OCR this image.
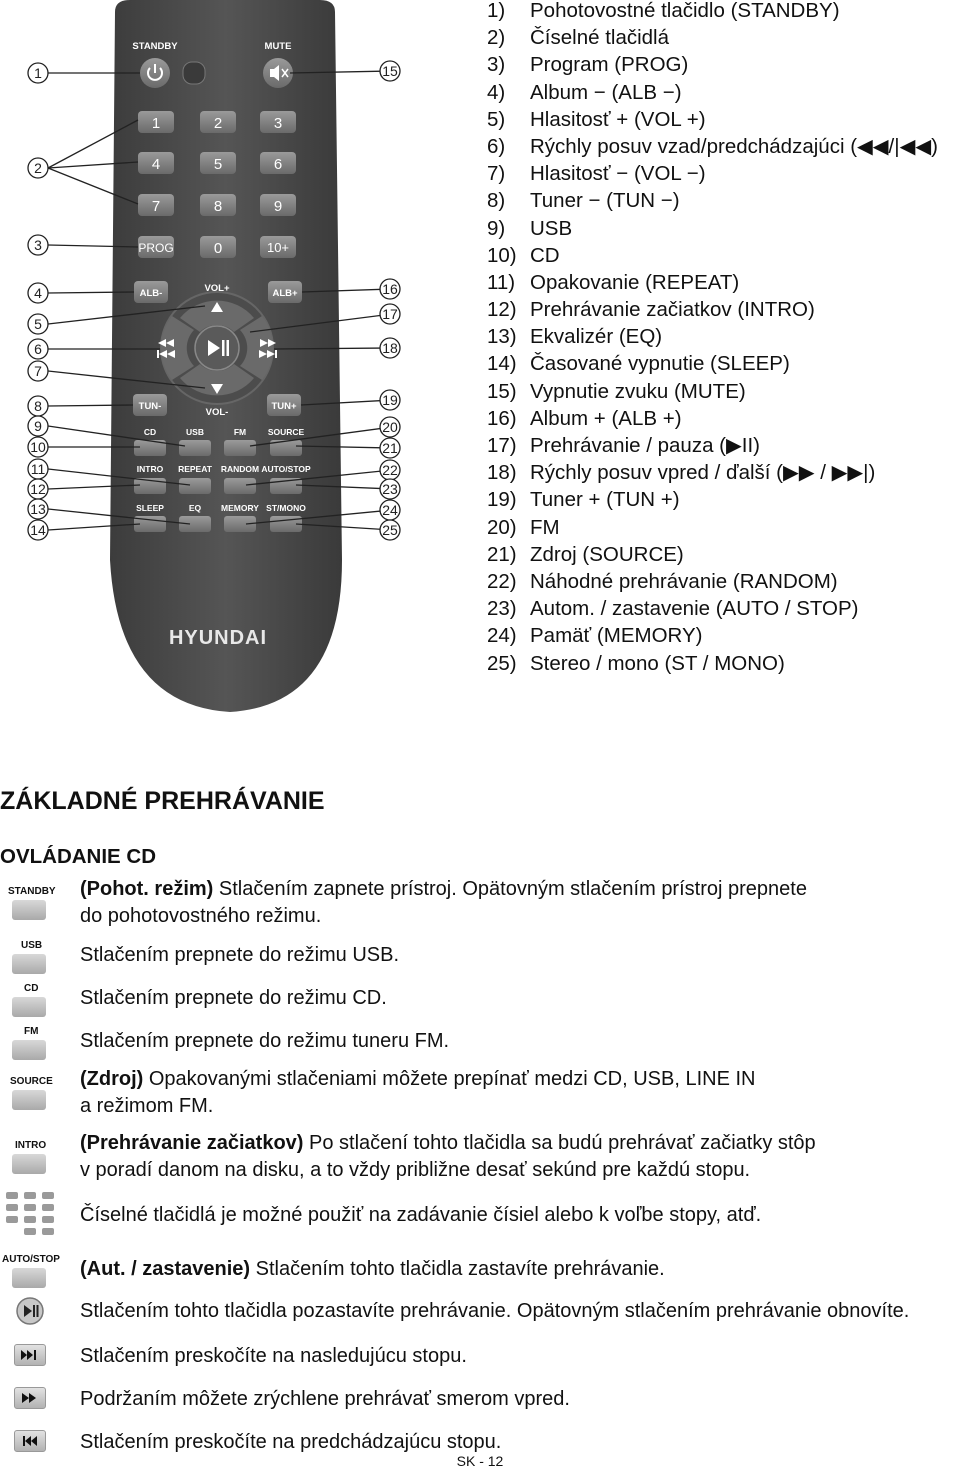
STANDBY	MUTE
1	2	3
4	5	6
7	8	9
PROG	0	10+
ALB-	ALB+
VOL+
VOL-
TUN-	TUN+
CD	USB	FM	SOURCE
INTRO REPEAT RANDOM AUTO/STOP
SLEEP	EQ MEMORY ST/MONO
HYUNDAI
1
2
3
4
5
6
7
8
9
10
11
12
13
14
15
16
17
18
19
20
21
22
23
24
25
1) Pohotovostné tlačidlo (STANDBY)
2) Číselné tlačidlá
3) Program (PROG)
4) Album − (ALB −)
5) Hlasitosť + (VOL +)
6) Rýchly posuv vzad/predchádzajúci (◀◀/|◀◀)
7) Hlasitosť − (VOL −)
8) Tuner − (TUN −)
9) USB
10) CD
11) Opakovanie (REPEAT)
12) Prehrávanie začiatkov (INTRO)
13) Ekvalizér (EQ)
14) Časované vypnutie (SLEEP)
15) Vypnutie zvuku (MUTE)
16) Album + (ALB +)
17) Prehrávanie / pauza (▶II)
18) Rýchly posuv vpred / ďalší (▶▶ / ▶▶|)
19) Tuner + (TUN +)
20) FM
21) Zdroj (SOURCE)
22) Náhodné prehrávanie (RANDOM)
23) Autom. / zastavenie (AUTO / STOP)
24) Pamäť (MEMORY)
25) Stereo / mono (ST / MONO)
ZÁKLADNÉ PREHRÁVANIE
OVLÁDANIE CD
STANDBY (Pohot. režim) Stlačením zapnete prístroj. Opätovným stlačením prístroj prepnete
do pohotovostného režimu.
USB Stlačením prepnete do režimu USB.
CD Stlačením prepnete do režimu CD.
FM Stlačením prepnete do režimu tuneru FM.
SOURCE (Zdroj) Opakovanými stlačeniami môžete prepínať medzi CD, USB, LINE IN
a režimom FM.
INTRO (Prehrávanie začiatkov) Po stlačení tohto tlačidla sa budú prehrávať začiatky stôp
v poradí danom na disku, a to vždy približne desať sekúnd pre každú stopu.
Číselné tlačidlá je možné použiť na zadávanie čísiel alebo k voľbe stopy, atď.
AUTO/STOP (Aut. / zastavenie) Stlačením tohto tlačidla zastavíte prehrávanie.
Stlačením tohto tlačidla pozastavíte prehrávanie. Opätovným stlačením prehrávanie obnovíte.
Stlačením preskočíte na nasledujúcu stopu.
Podržaním môžete zrýchlene prehrávať smerom vpred.
Stlačením preskočíte na predchádzajúcu stopu.
SK - 12
